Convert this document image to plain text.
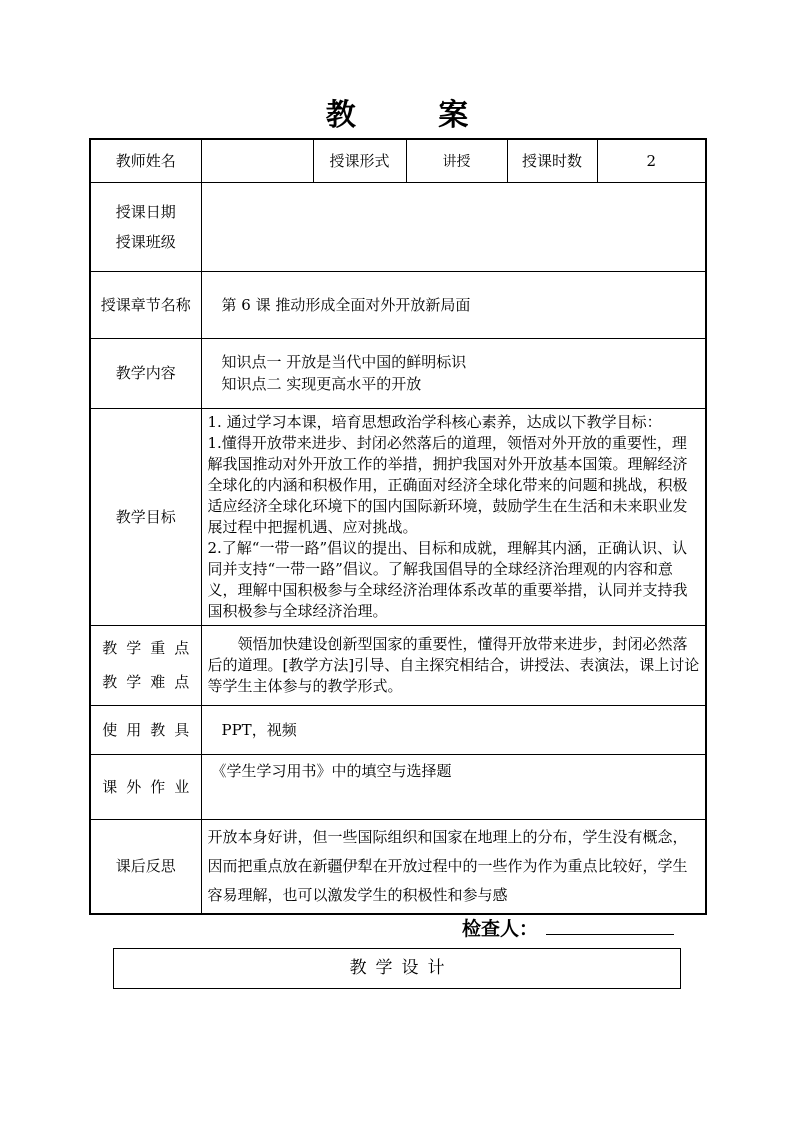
教 案
教师姓名		授课形式	讲授	授课时数	2

授课日期
授课班级					

授课章节名称	第 6 课 推动形成全面对外开放新局面				
教学内容	知识点一 开放是当代中国的鲜明标识
知识点二 实现更高水平的开放				

教学目标	1. 通过学习本课，培育思想政治学科核心素养，达成以下教学目标：
1.懂得开放带来进步、封闭必然落后的道理，领悟对外开放的重要性，理解我国推动对外开放工作的举措，拥护我国对外开放基本国策。理解经济全球化的内涵和积极作用，正确面对经济全球化带来的问题和挑战，积极适应经济全球化环境下的国内国际新环境，鼓励学生在生活和未来职业发展过程中把握机遇、应对挑战。
2.了解“一带一路”倡议的提出、目标和成就，理解其内涵，正确认识、认同并支持“一带一路”倡议。了解我国倡导的全球经济治理观的内容和意义，理解中国积极参与全球经济治理体系改革的重要举措，认同并支持我国积极参与全球经济治理。				

教学重点
教学难点	领悟加快建设创新型国家的重要性，懂得开放带来进步，封闭必然落后的道理。[教学方法]引导、自主探究相结合，讲授法、表演法，课上讨论等学生主体参与的教学形式。				
使用教具	PPT，视频				
课外作业	《学生学习用书》中的填空与选择题				
课后反思	开放本身好讲，但一些国际组织和国家在地理上的分布，学生没有概念，因而把重点放在新疆伊犁在开放过程中的一些作为作为重点比较好，学生容易理解，也可以激发学生的积极性和参与感				
检查人：
教学设计
